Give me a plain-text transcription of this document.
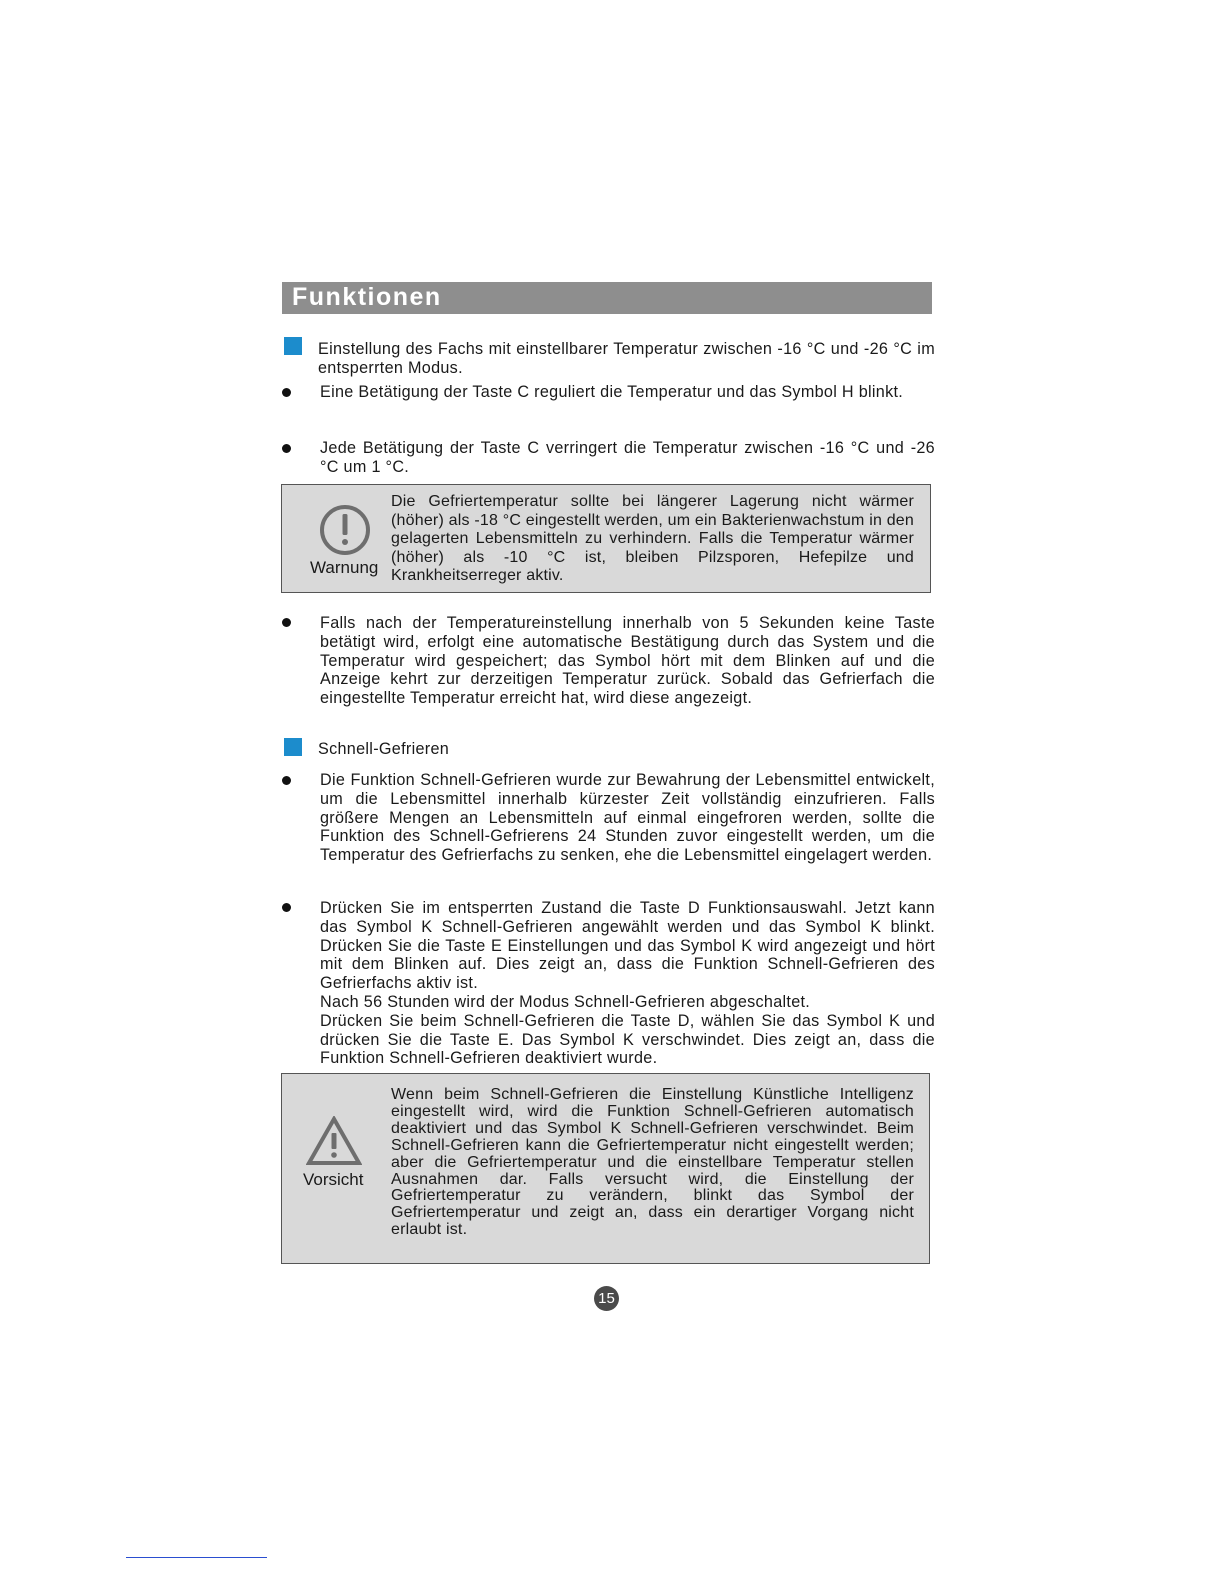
Funktionen
Einstellung des Fachs mit einstellbarer Temperatur zwischen -16 °C und -26 °C im entsperrten Modus.
Eine Betätigung der Taste C reguliert die Temperatur und das Symbol H blinkt.
Jede Betätigung der Taste C verringert die Temperatur zwischen -16 °C und -26 °C um 1 °C.
Warnung
Die Gefriertemperatur sollte bei längerer Lagerung nicht wärmer (höher) als -18 °C eingestellt werden, um ein Bakterienwachstum in den gelagerten Lebensmitteln zu verhindern. Falls die Temperatur wärmer (höher) als -10 °C ist, bleiben Pilzsporen, Hefepilze und Krankheitserreger aktiv.
Falls nach der Temperatureinstellung innerhalb von 5 Sekunden keine Taste betätigt wird, erfolgt eine automatische Bestätigung durch das System und die Temperatur wird gespeichert; das Symbol hört mit dem Blinken auf und die Anzeige kehrt zur derzeitigen Temperatur zurück. Sobald das Gefrierfach die eingestellte Temperatur erreicht hat, wird diese angezeigt.
Schnell-Gefrieren
Die Funktion Schnell-Gefrieren wurde zur Bewahrung der Lebensmittel entwickelt, um die Lebensmittel innerhalb kürzester Zeit vollständig einzufrieren. Falls größere Mengen an Lebensmitteln auf einmal eingefroren werden, sollte die Funktion des Schnell-Gefrierens 24 Stunden zuvor eingestellt werden, um die Temperatur des Gefrierfachs zu senken, ehe die Lebensmittel eingelagert werden.
Drücken Sie im entsperrten Zustand die Taste D Funktionsauswahl. Jetzt kann das Symbol K Schnell-Gefrieren angewählt werden und das Symbol K blinkt. Drücken Sie die Taste E Einstellungen und das Symbol K wird angezeigt und hört mit dem Blinken auf. Dies zeigt an, dass die Funktion Schnell-Gefrieren des Gefrierfachs aktiv ist.
Nach 56 Stunden wird der Modus Schnell-Gefrieren abgeschaltet.
Drücken Sie beim Schnell-Gefrieren die Taste D, wählen Sie das Symbol K und drücken Sie die Taste E. Das Symbol K verschwindet. Dies zeigt an, dass die Funktion Schnell-Gefrieren deaktiviert wurde.
Vorsicht
Wenn beim Schnell-Gefrieren die Einstellung Künstliche Intelligenz eingestellt wird, wird die Funktion Schnell-Gefrieren automatisch deaktiviert und das Symbol K Schnell-Gefrieren verschwindet. Beim Schnell-Gefrieren kann die Gefriertemperatur nicht eingestellt werden; aber die Gefriertemperatur und die einstellbare Temperatur stellen Ausnahmen dar. Falls versucht wird, die Einstellung der Gefriertemperatur zu verändern, blinkt das Symbol der Gefriertemperatur und zeigt an, dass ein derartiger Vorgang nicht erlaubt ist.
15
